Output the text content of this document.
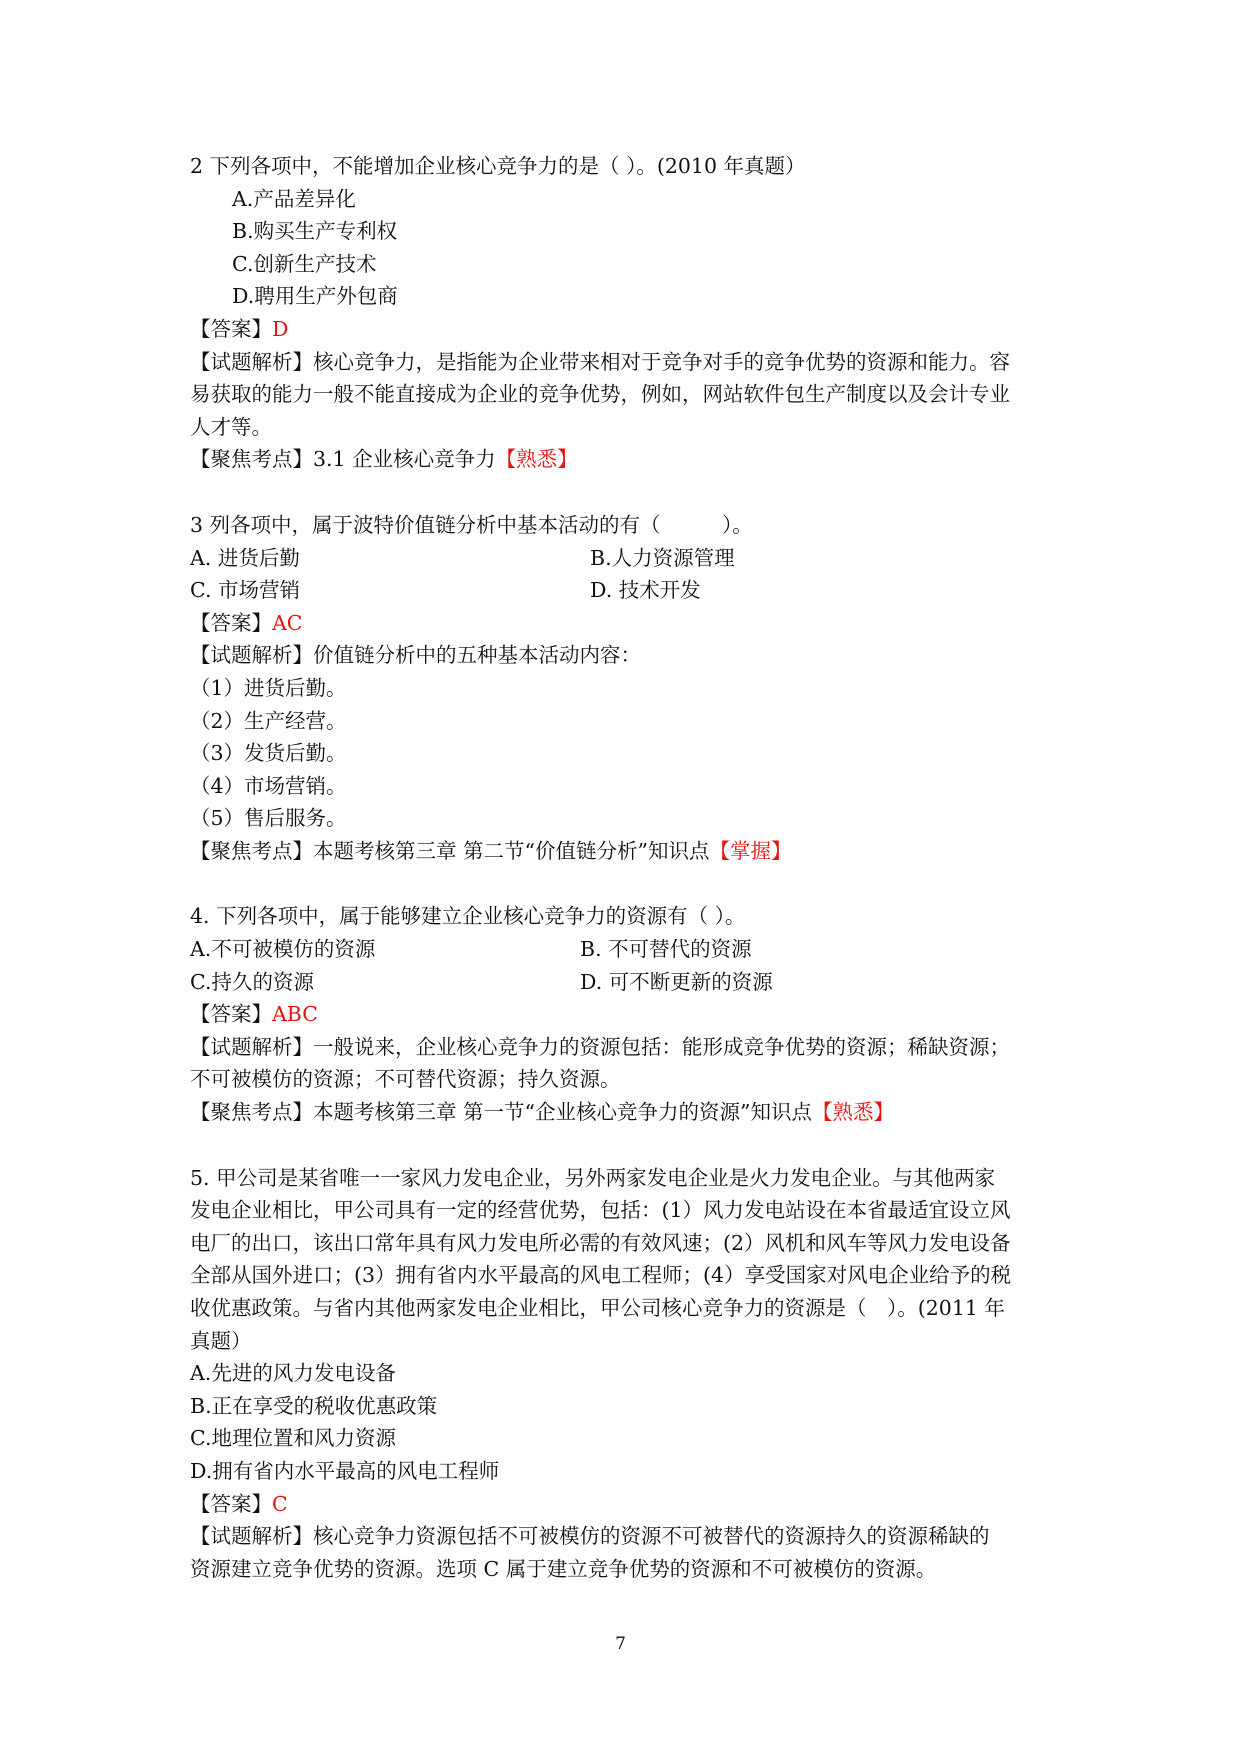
2 下列各项中，不能增加企业核心竞争力的是（ ）。(2010 年真题）
A.产品差异化
B.购买生产专利权
C.创新生产技术
D.聘用生产外包商
【答案】D
【试题解析】核心竞争力，是指能为企业带来相对于竞争对手的竞争优势的资源和能力。容
易获取的能力一般不能直接成为企业的竞争优势，例如，网站软件包生产制度以及会计专业
人才等。
【聚焦考点】3.1 企业核心竞争力【熟悉】
3 列各项中，属于波特价值链分析中基本活动的有（　　　）。
A. 进货后勤	B.人力资源管理
C. 市场营销	D. 技术开发
【答案】AC
【试题解析】价值链分析中的五种基本活动内容：
（1）进货后勤。
（2）生产经营。
（3）发货后勤。
（4）市场营销。
（5）售后服务。
【聚焦考点】本题考核第三章 第二节“价值链分析”知识点【掌握】
4. 下列各项中，属于能够建立企业核心竞争力的资源有（ ）。
A.不可被模仿的资源	B. 不可替代的资源
C.持久的资源	D. 可不断更新的资源
【答案】ABC
【试题解析】一般说来，企业核心竞争力的资源包括：能形成竞争优势的资源；稀缺资源；
不可被模仿的资源；不可替代资源；持久资源。
【聚焦考点】本题考核第三章 第一节“企业核心竞争力的资源”知识点【熟悉】
5. 甲公司是某省唯一一家风力发电企业，另外两家发电企业是火力发电企业。与其他两家
发电企业相比，甲公司具有一定的经营优势，包括：(1）风力发电站设在本省最适宜设立风
电厂的出口，该出口常年具有风力发电所必需的有效风速；(2）风机和风车等风力发电设备
全部从国外进口；(3）拥有省内水平最高的风电工程师；(4）享受国家对风电企业给予的税
收优惠政策。与省内其他两家发电企业相比，甲公司核心竞争力的资源是（　）。(2011 年
真题）
A.先进的风力发电设备
B.正在享受的税收优惠政策
C.地理位置和风力资源
D.拥有省内水平最高的风电工程师
【答案】C
【试题解析】核心竞争力资源包括不可被模仿的资源不可被替代的资源持久的资源稀缺的
资源建立竞争优势的资源。选项 C 属于建立竞争优势的资源和不可被模仿的资源。
7
